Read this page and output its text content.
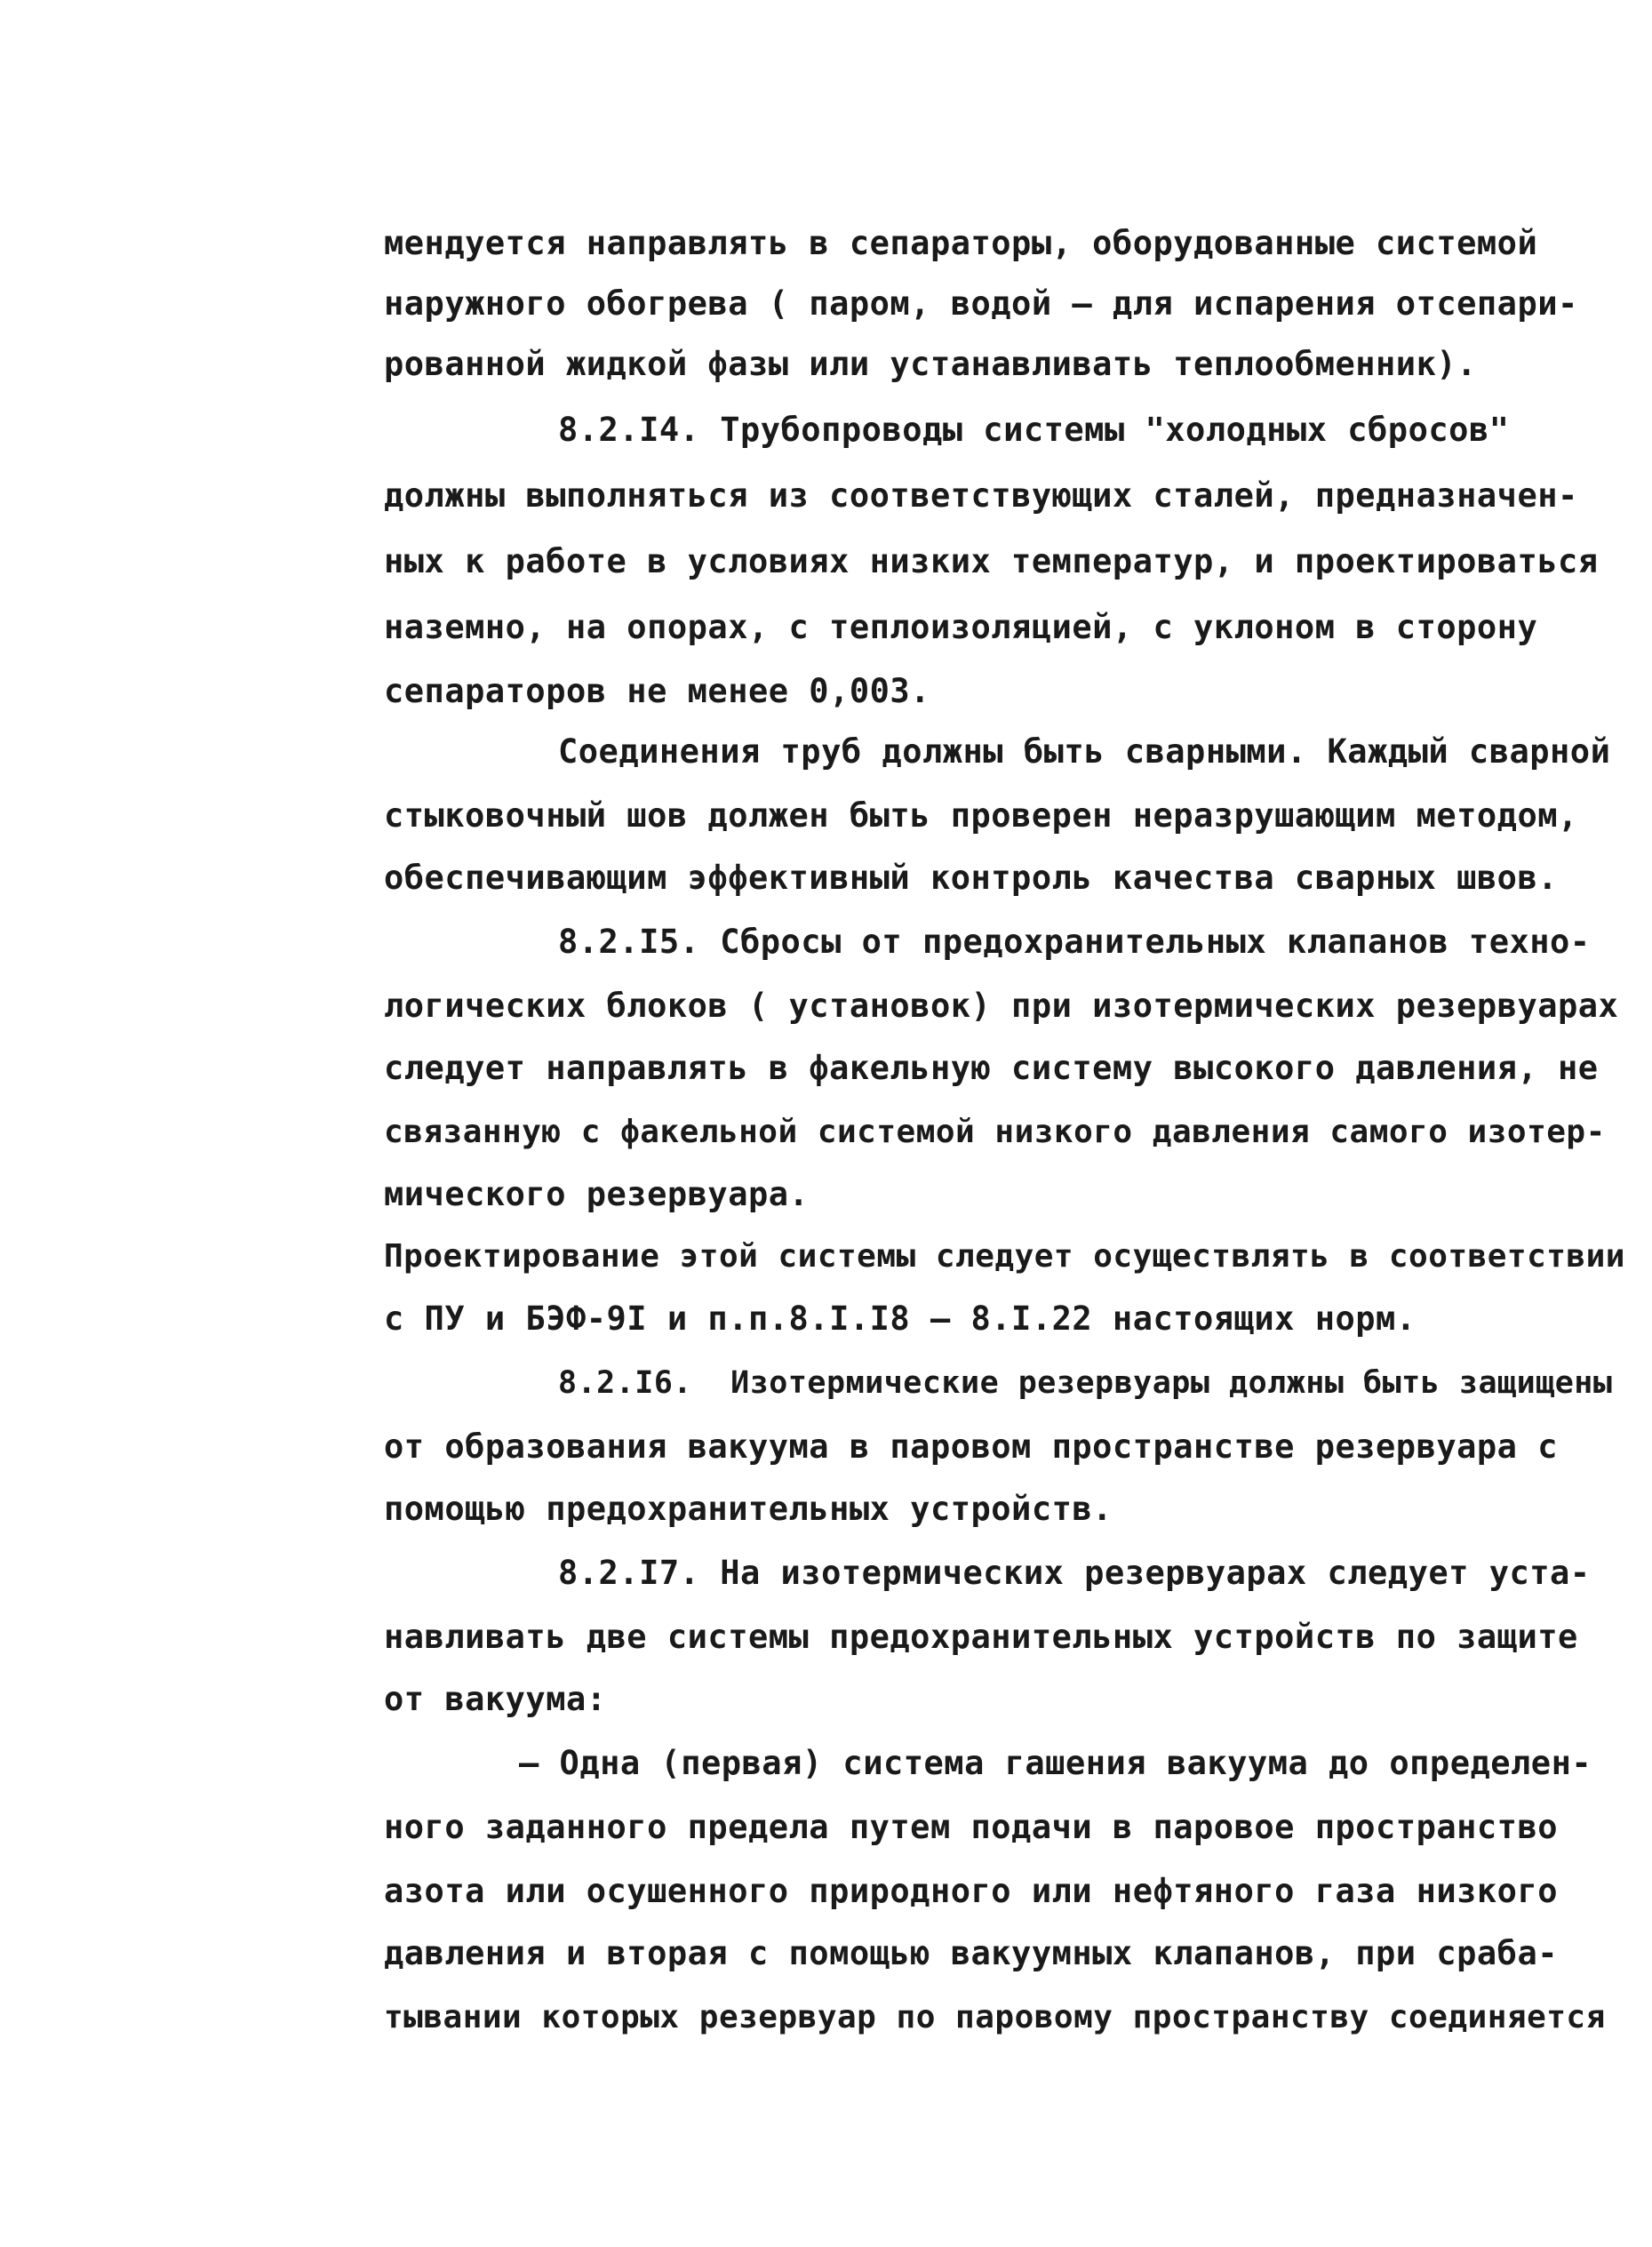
мендуется направлять в сепараторы, оборудованные системой
наружного обогрева ( паром, водой – для испарения отсепари-
рованной жидкой фазы или устанавливать теплообменник).
8.2.I4. Трубопроводы системы "холодных сбросов"
должны выполняться из соответствующих сталей, предназначен-
ных к работе в условиях низких температур, и проектироваться
наземно, на опорах, с теплоизоляцией, с уклоном в сторону
сепараторов не менее 0,003.
Соединения труб должны быть сварными. Каждый сварной
стыковочный шов должен быть проверен неразрушающим методом,
обеспечивающим эффективный контроль качества сварных швов.
8.2.I5. Сбросы от предохранительных клапанов техно-
логических блоков ( установок) при изотермических резервуарах
следует направлять в факельную систему высокого давления, не
связанную с факельной системой низкого давления самого изотер-
мического резервуара.
Проектирование этой системы следует осуществлять в соответствии
с ПУ и БЭФ-9I и п.п.8.I.I8 – 8.I.22 настоящих норм.
8.2.I6.  Изотермические резервуары должны быть защищены
от образования вакуума в паровом пространстве резервуара с
помощью предохранительных устройств.
8.2.I7. На изотермических резервуарах следует уста-
навливать две системы предохранительных устройств по защите
от вакуума:
– Одна (первая) система гашения вакуума до определен-
ного заданного предела путем подачи в паровое пространство
азота или осушенного природного или нефтяного газа низкого
давления и вторая с помощью вакуумных клапанов, при сраба-
тывании которых резервуар по паровому пространству соединяется
